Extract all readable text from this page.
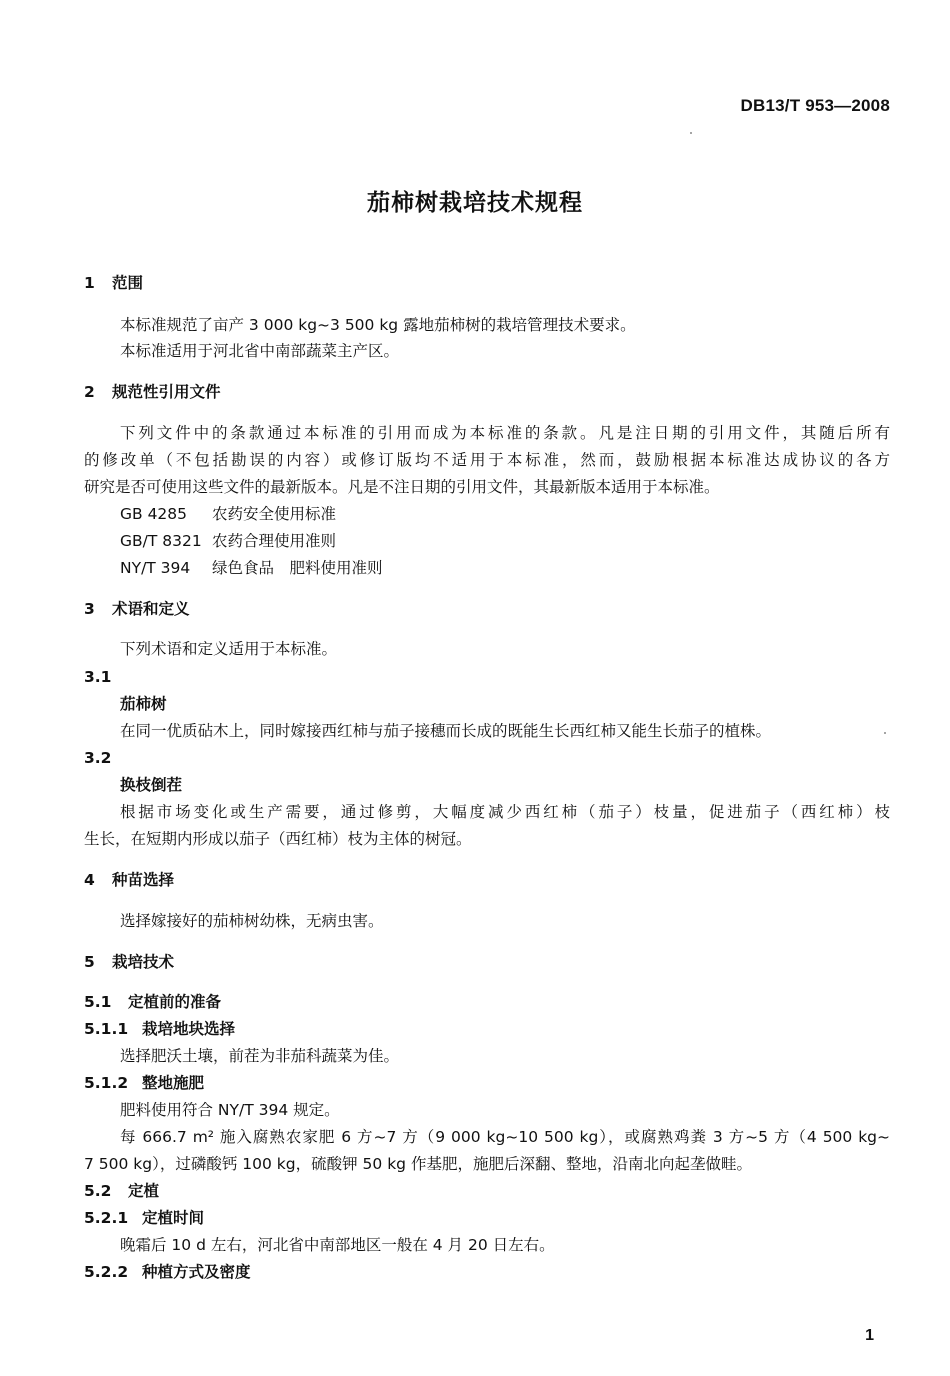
DB13/T 953—2008
茄柿树栽培技术规程
1 范围
本标准规范了亩产 3 000 kg~3 500 kg 露地茄柿树的栽培管理技术要求。
本标准适用于河北省中南部蔬菜主产区。
2 规范性引用文件
下列文件中的条款通过本标准的引用而成为本标准的条款。凡是注日期的引用文件，其随后所有
的修改单（不包括勘误的内容）或修订版均不适用于本标准，然而，鼓励根据本标准达成协议的各方
研究是否可使用这些文件的最新版本。凡是不注日期的引用文件，其最新版本适用于本标准。
GB 4285 农药安全使用标准
GB/T 8321 农药合理使用准则
NY/T 394 绿色食品　肥料使用准则
3 术语和定义
下列术语和定义适用于本标准。
3.1
茄柿树
在同一优质砧木上，同时嫁接西红柿与茄子接穗而长成的既能生长西红柿又能生长茄子的植株。
3.2
换枝倒茬
根据市场变化或生产需要，通过修剪，大幅度减少西红柿（茄子）枝量，促进茄子（西红柿）枝
生长，在短期内形成以茄子（西红柿）枝为主体的树冠。
4 种苗选择
选择嫁接好的茄柿树幼株，无病虫害。
5 栽培技术
5.1 定植前的准备
5.1.1 栽培地块选择
选择肥沃土壤，前茬为非茄科蔬菜为佳。
5.1.2 整地施肥
肥料使用符合 NY/T 394 规定。
每 666.7 m² 施入腐熟农家肥 6 方~7 方（9 000 kg~10 500 kg），或腐熟鸡粪 3 方~5 方（4 500 kg~
7 500 kg），过磷酸钙 100 kg，硫酸钾 50 kg 作基肥，施肥后深翻、整地，沿南北向起垄做畦。
5.2 定植
5.2.1 定植时间
晚霜后 10 d 左右，河北省中南部地区一般在 4 月 20 日左右。
5.2.2 种植方式及密度
1
